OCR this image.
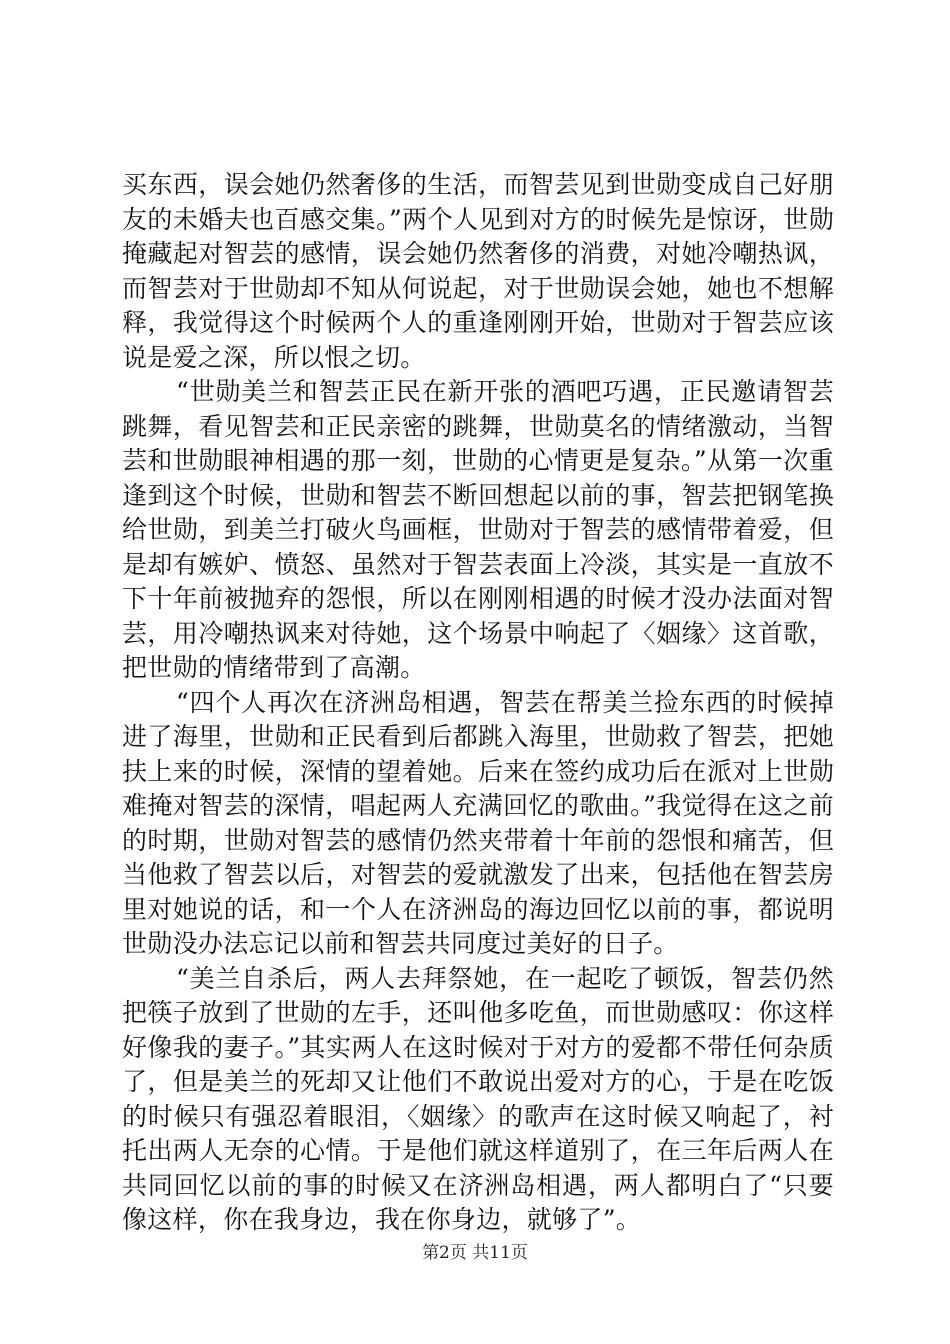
买东西，误会她仍然奢侈的生活，而智芸见到世勋变成自己好朋友的未婚夫也百感交集。”两个人见到对方的时候先是惊讶，世勋掩藏起对智芸的感情，误会她仍然奢侈的消费，对她冷嘲热讽，而智芸对于世勋却不知从何说起，对于世勋误会她，她也不想解释，我觉得这个时候两个人的重逢刚刚开始，世勋对于智芸应该说是爱之深，所以恨之切。

“世勋美兰和智芸正民在新开张的酒吧巧遇，正民邀请智芸跳舞，看见智芸和正民亲密的跳舞，世勋莫名的情绪激动，当智芸和世勋眼神相遇的那一刻，世勋的心情更是复杂。”从第一次重逢到这个时候，世勋和智芸不断回想起以前的事，智芸把钢笔换给世勋，到美兰打破火鸟画框，世勋对于智芸的感情带着爱，但是却有嫉妒、愤怒、虽然对于智芸表面上冷淡，其实是一直放不下十年前被抛弃的怨恨，所以在刚刚相遇的时候才没办法面对智芸，用冷嘲热讽来对待她，这个场景中响起了〈姻缘〉这首歌，把世勋的情绪带到了高潮。

“四个人再次在济洲岛相遇，智芸在帮美兰捡东西的时候掉进了海里，世勋和正民看到后都跳入海里，世勋救了智芸，把她扶上来的时候，深情的望着她。后来在签约成功后在派对上世勋难掩对智芸的深情，唱起两人充满回忆的歌曲。”我觉得在这之前的时期，世勋对智芸的感情仍然夹带着十年前的怨恨和痛苦，但当他救了智芸以后，对智芸的爱就激发了出来，包括他在智芸房里对她说的话，和一个人在济洲岛的海边回忆以前的事，都说明世勋没办法忘记以前和智芸共同度过美好的日子。

“美兰自杀后，两人去拜祭她，在一起吃了顿饭，智芸仍然把筷子放到了世勋的左手，还叫他多吃鱼，而世勋感叹：你这样好像我的妻子。”其实两人在这时候对于对方的爱都不带任何杂质了，但是美兰的死却又让他们不敢说出爱对方的心，于是在吃饭的时候只有强忍着眼泪，〈姻缘〉的歌声在这时候又响起了，衬托出两人无奈的心情。于是他们就这样道别了，在三年后两人在共同回忆以前的事的时候又在济洲岛相遇，两人都明白了“只要像这样，你在我身边，我在你身边，就够了”。

第2页 共11页
